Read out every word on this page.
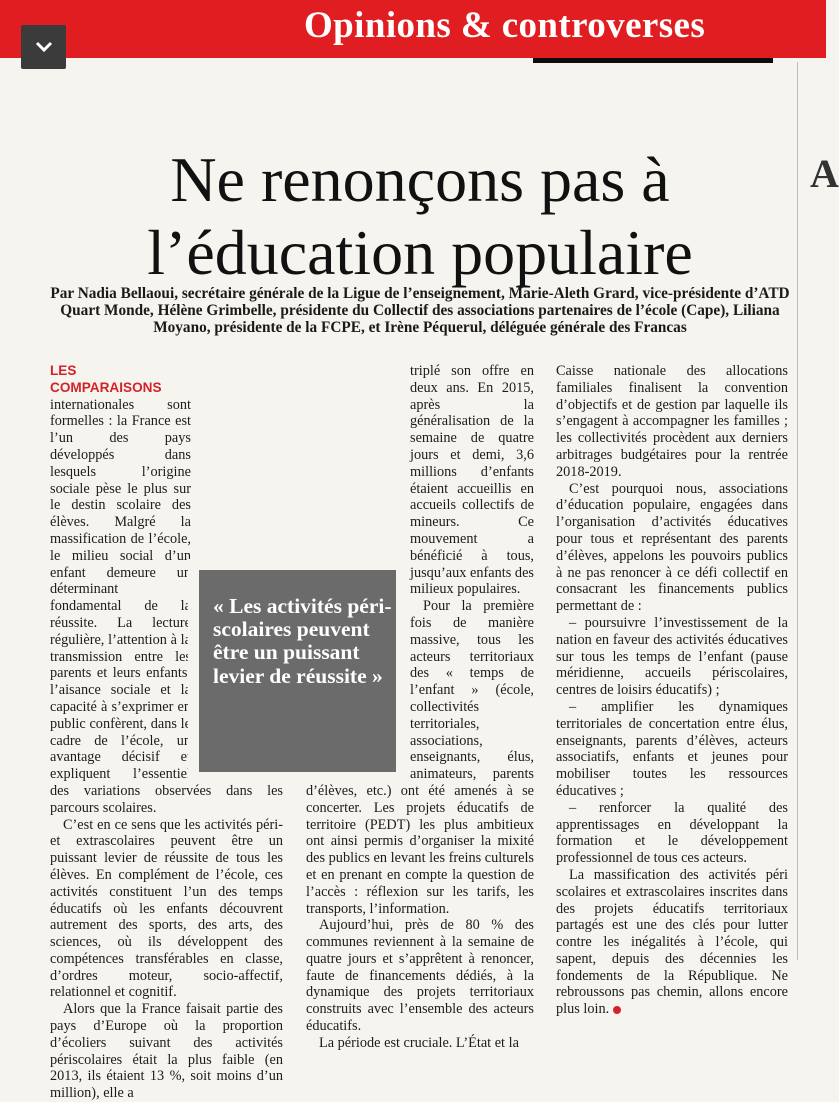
Opinions & controverses
A
Ne renonçons pas à l’éducation populaire
Par Nadia Bellaoui, secrétaire générale de la Ligue de l’enseignement, Marie-Aleth Grard, vice-présidente d’ATD Quart Monde, Hélène Grimbelle, présidente du Collectif des associations partenaires de l’école (Cape), Liliana Moyano, présidente de la FCPE, et Irène Péquerul, déléguée générale des Francas

LES COMPARAISONS internationales sont formelles : la France est l’un des pays développés dans lesquels l’origine sociale pèse le plus sur le destin scolaire des élèves. Malgré la massification de l’école, le milieu social d’un enfant demeure un déterminant fondamental de la réussite. La lecture régulière, l’attention à la transmission entre les parents et leurs enfants, l’aisance sociale et la capacité à s’exprimer en public confèrent, dans le cadre de l’école, un avantage décisif et expliquent l’essentiel des variations observées dans les parcours scolaires.

C’est en ce sens que les activités péri- et extrascolaires peuvent être un puissant levier de réussite de tous les élèves. En complément de l’école, ces activités constituent l’un des temps éducatifs où les enfants découvrent autrement des sports, des arts, des sciences, où ils développent des compétences transférables en classe, d’ordres moteur, socio-affectif, relationnel et cognitif.

Alors que la France faisait partie des pays d’Europe où la proportion d’écoliers suivant des activités périscolaires était la plus faible (en 2013, ils étaient 13 %, soit moins d’un million), elle a

triplé son offre en deux ans. En 2015, après la généralisation de la semaine de quatre jours et demi, 3,6 millions d’enfants étaient accueillis en accueils collectifs de mineurs. Ce mouvement a bénéficié à tous, jusqu’aux enfants des milieux populaires.

Pour la première fois de manière massive, tous les acteurs territoriaux des « temps de l’enfant » (école, collectivités territoriales, associations, enseignants, élus, animateurs, parents d’élèves, etc.) ont été amenés à se concerter. Les projets éducatifs de territoire (PEDT) les plus ambitieux ont ainsi permis d’organiser la mixité des publics en levant les freins culturels et en prenant en compte la question de l’accès : réflexion sur les tarifs, les transports, l’information.

Aujourd’hui, près de 80 % des communes reviennent à la semaine de quatre jours et s’apprêtent à renoncer, faute de financements dédiés, à la dynamique des projets territoriaux construits avec l’ensemble des acteurs éducatifs.

La période est cruciale. L’État et la

Caisse nationale des allocations familiales finalisent la convention d’objectifs et de gestion par laquelle ils s’engagent à accompagner les familles ; les collectivités procèdent aux derniers arbitrages budgétaires pour la rentrée 2018-2019.

C’est pourquoi nous, associations d’éducation populaire, engagées dans l’organisation d’activités éducatives pour tous et représentant des parents d’élèves, appelons les pouvoirs publics à ne pas renoncer à ce défi collectif en consacrant les financements publics permettant de :

– poursuivre l’investissement de la nation en faveur des activités éducatives sur tous les temps de l’enfant (pause méridienne, accueils périscolaires, centres de loisirs éducatifs) ;

– amplifier les dynamiques territoriales de concertation entre élus, enseignants, parents d’élèves, acteurs associatifs, enfants et jeunes pour mobiliser toutes les ressources éducatives ;

– renforcer la qualité des apprentissages en développant la formation et le développement professionnel de tous ces acteurs.

La massification des activités péri scolaires et extrascolaires inscrites dans des projets éducatifs territoriaux partagés est une des clés pour lutter contre les inégalités à l’école, qui sapent, depuis des décennies les fondements de la République. Ne rebroussons pas chemin, allons encore plus loin.

« Les activités péri-scolaires peuvent être un puissant levier de réussite »
